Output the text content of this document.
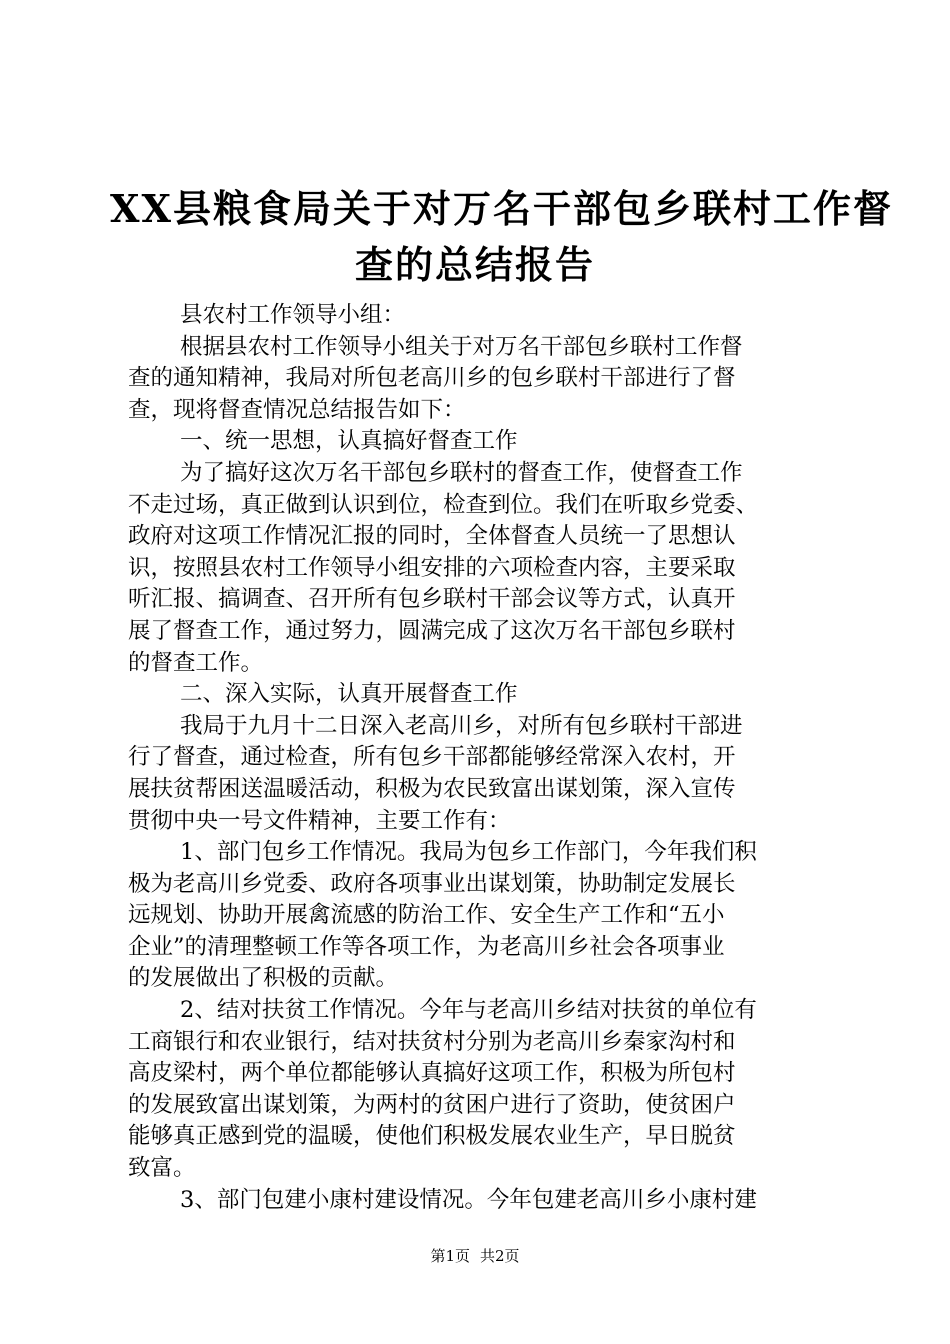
XX县粮食局关于对万名干部包乡联村工作督
查的总结报告
县农村工作领导小组：
根据县农村工作领导小组关于对万名干部包乡联村工作督
查的通知精神，我局对所包老高川乡的包乡联村干部进行了督
查，现将督查情况总结报告如下：
一、统一思想，认真搞好督查工作
为了搞好这次万名干部包乡联村的督查工作，使督查工作
不走过场，真正做到认识到位，检查到位。我们在听取乡党委、
政府对这项工作情况汇报的同时，全体督查人员统一了思想认
识，按照县农村工作领导小组安排的六项检查内容，主要采取
听汇报、搞调查、召开所有包乡联村干部会议等方式，认真开
展了督查工作，通过努力，圆满完成了这次万名干部包乡联村
的督查工作。
二、深入实际，认真开展督查工作
我局于九月十二日深入老高川乡，对所有包乡联村干部进
行了督查，通过检查，所有包乡干部都能够经常深入农村，开
展扶贫帮困送温暖活动，积极为农民致富出谋划策，深入宣传
贯彻中央一号文件精神，主要工作有：
1、部门包乡工作情况。我局为包乡工作部门，今年我们积
极为老高川乡党委、政府各项事业出谋划策，协助制定发展长
远规划、协助开展禽流感的防治工作、安全生产工作和“五小
企业”的清理整顿工作等各项工作，为老高川乡社会各项事业
的发展做出了积极的贡献。
2、结对扶贫工作情况。今年与老高川乡结对扶贫的单位有
工商银行和农业银行，结对扶贫村分别为老高川乡秦家沟村和
高皮梁村，两个单位都能够认真搞好这项工作，积极为所包村
的发展致富出谋划策，为两村的贫困户进行了资助，使贫困户
能够真正感到党的温暖，使他们积极发展农业生产，早日脱贫
致富。
3、部门包建小康村建设情况。今年包建老高川乡小康村建
第1页 共2页
